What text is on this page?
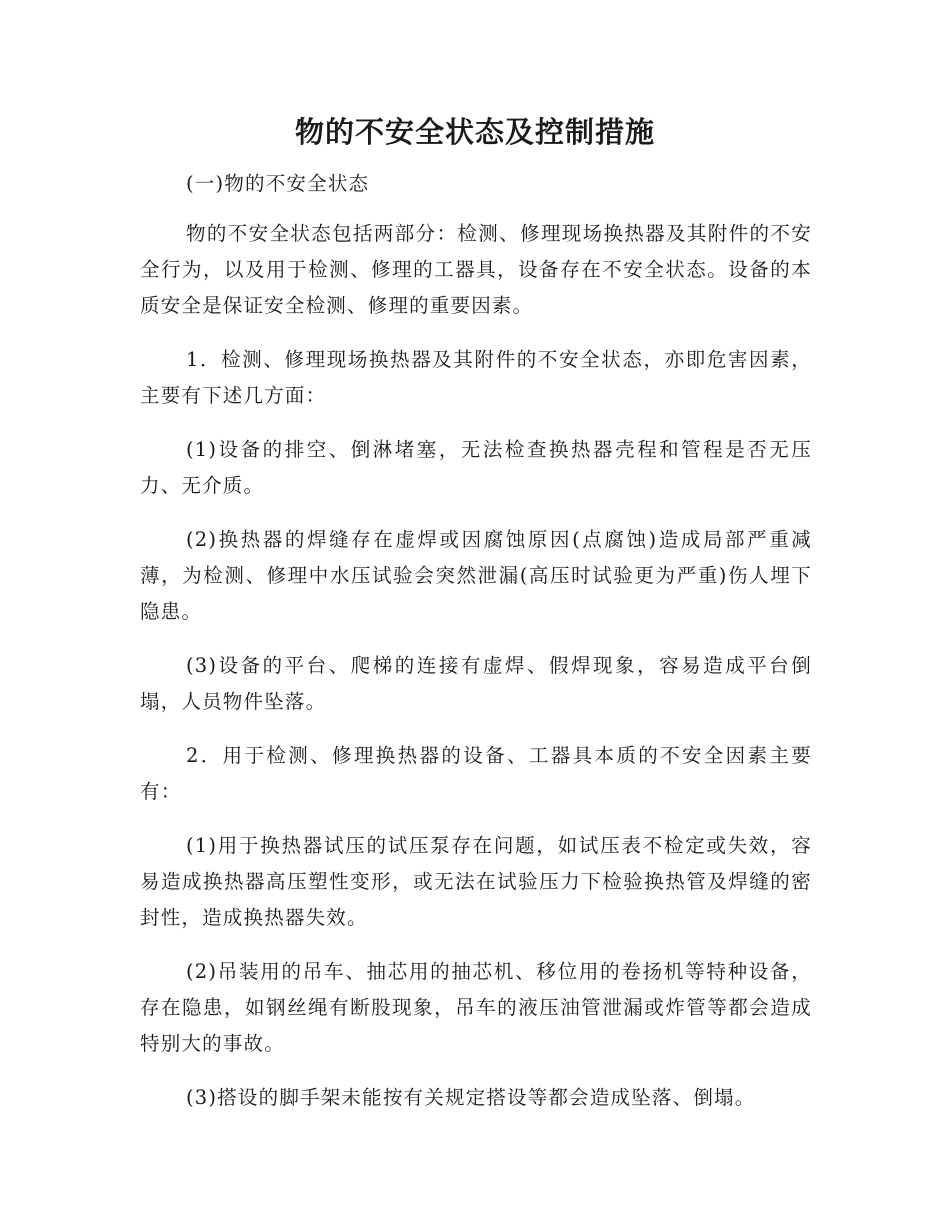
物的不安全状态及控制措施

(一)物的不安全状态

物的不安全状态包括两部分：检测、修理现场换热器及其附件的不安全行为，以及用于检测、修理的工器具，设备存在不安全状态。设备的本质安全是保证安全检测、修理的重要因素。

1．检测、修理现场换热器及其附件的不安全状态，亦即危害因素，主要有下述几方面：

(1)设备的排空、倒淋堵塞，无法检查换热器壳程和管程是否无压力、无介质。

(2)换热器的焊缝存在虚焊或因腐蚀原因(点腐蚀)造成局部严重减薄，为检测、修理中水压试验会突然泄漏(高压时试验更为严重)伤人埋下隐患。

(3)设备的平台、爬梯的连接有虚焊、假焊现象，容易造成平台倒塌，人员物件坠落。

2．用于检测、修理换热器的设备、工器具本质的不安全因素主要有：

(1)用于换热器试压的试压泵存在问题，如试压表不检定或失效，容易造成换热器高压塑性变形，或无法在试验压力下检验换热管及焊缝的密封性，造成换热器失效。

(2)吊装用的吊车、抽芯用的抽芯机、移位用的卷扬机等特种设备，存在隐患，如钢丝绳有断股现象，吊车的液压油管泄漏或炸管等都会造成特别大的事故。

(3)搭设的脚手架未能按有关规定搭设等都会造成坠落、倒塌。
